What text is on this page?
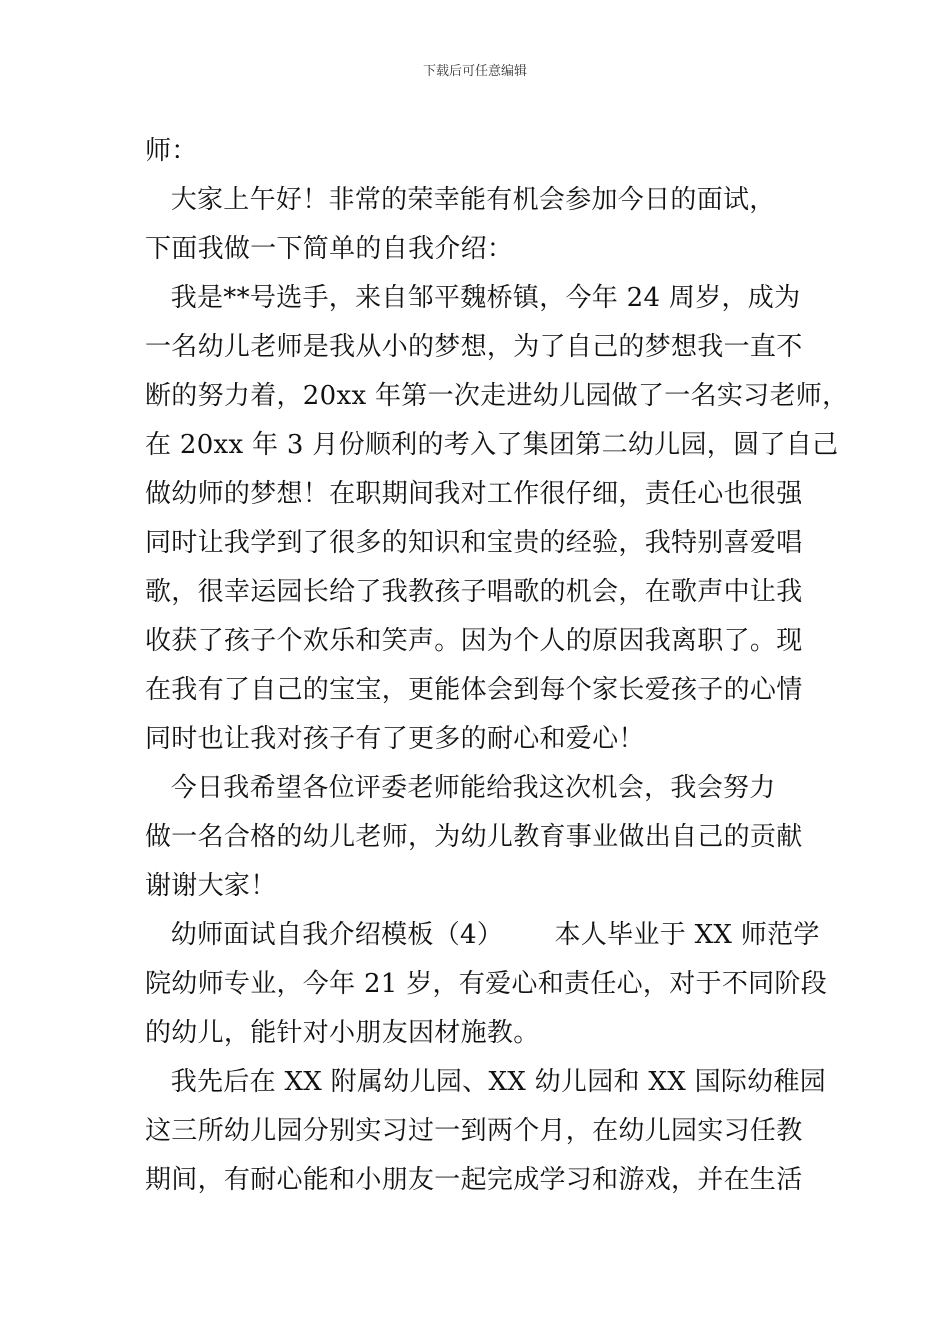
下载后可任意编辑
师：
大家上午好！非常的荣幸能有机会参加今日的面试，
下面我做一下简单的自我介绍：
我是**号选手，来自邹平魏桥镇，今年 24 周岁，成为
一名幼儿老师是我从小的梦想，为了自己的梦想我一直不
断的努力着，20xx 年第一次走进幼儿园做了一名实习老师，
在 20xx 年 3 月份顺利的考入了集团第二幼儿园，圆了自己
做幼师的梦想！在职期间我对工作很仔细，责任心也很强
同时让我学到了很多的知识和宝贵的经验，我特别喜爱唱
歌，很幸运园长给了我教孩子唱歌的机会，在歌声中让我
收获了孩子个欢乐和笑声。因为个人的原因我离职了。现
在我有了自己的宝宝，更能体会到每个家长爱孩子的心情
同时也让我对孩子有了更多的耐心和爱心！
今日我希望各位评委老师能给我这次机会，我会努力
做一名合格的幼儿老师，为幼儿教育事业做出自己的贡献
谢谢大家！
幼师面试自我介绍模板（4）      本人毕业于 XX 师范学
院幼师专业，今年 21 岁，有爱心和责任心，对于不同阶段
的幼儿，能针对小朋友因材施教。
我先后在 XX 附属幼儿园、XX 幼儿园和 XX 国际幼稚园
这三所幼儿园分别实习过一到两个月，在幼儿园实习任教
期间，有耐心能和小朋友一起完成学习和游戏，并在生活
